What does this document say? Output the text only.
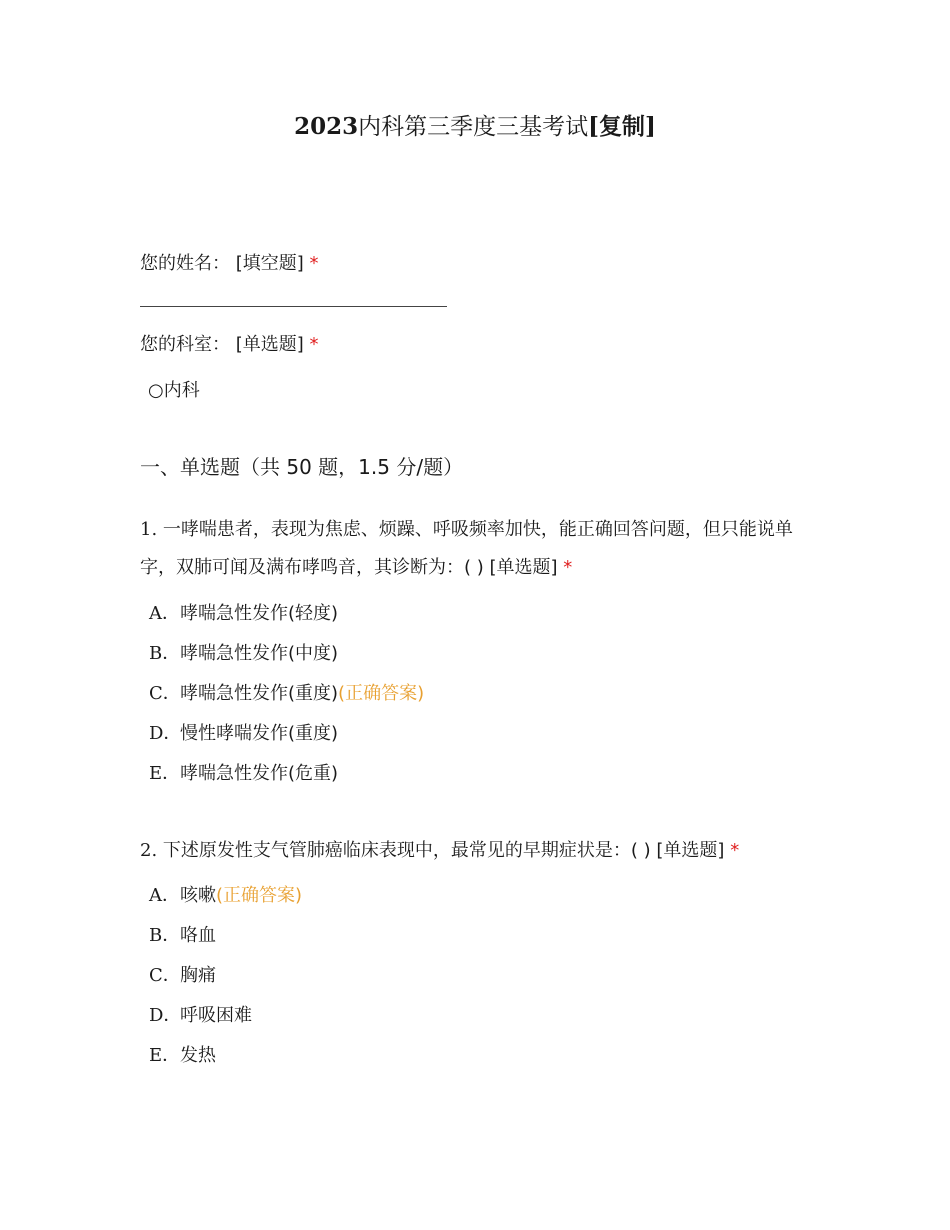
2023内科第三季度三基考试[复制]
您的姓名： [填空题] *
您的科室： [单选题] *
○内科
一、单选题（共 50 题，1.5 分/题）
1. 一哮喘患者，表现为焦虑、烦躁、呼吸频率加快，能正确回答问题，但只能说单
字，双肺可闻及满布哮鸣音，其诊断为：( ) [单选题] *
A．哮喘急性发作(轻度)
B．哮喘急性发作(中度)
C．哮喘急性发作(重度)(正确答案)
D．慢性哮喘发作(重度)
E．哮喘急性发作(危重)
2. 下述原发性支气管肺癌临床表现中，最常见的早期症状是：( ) [单选题] *
A．咳嗽(正确答案)
B．咯血
C．胸痛
D．呼吸困难
E．发热
